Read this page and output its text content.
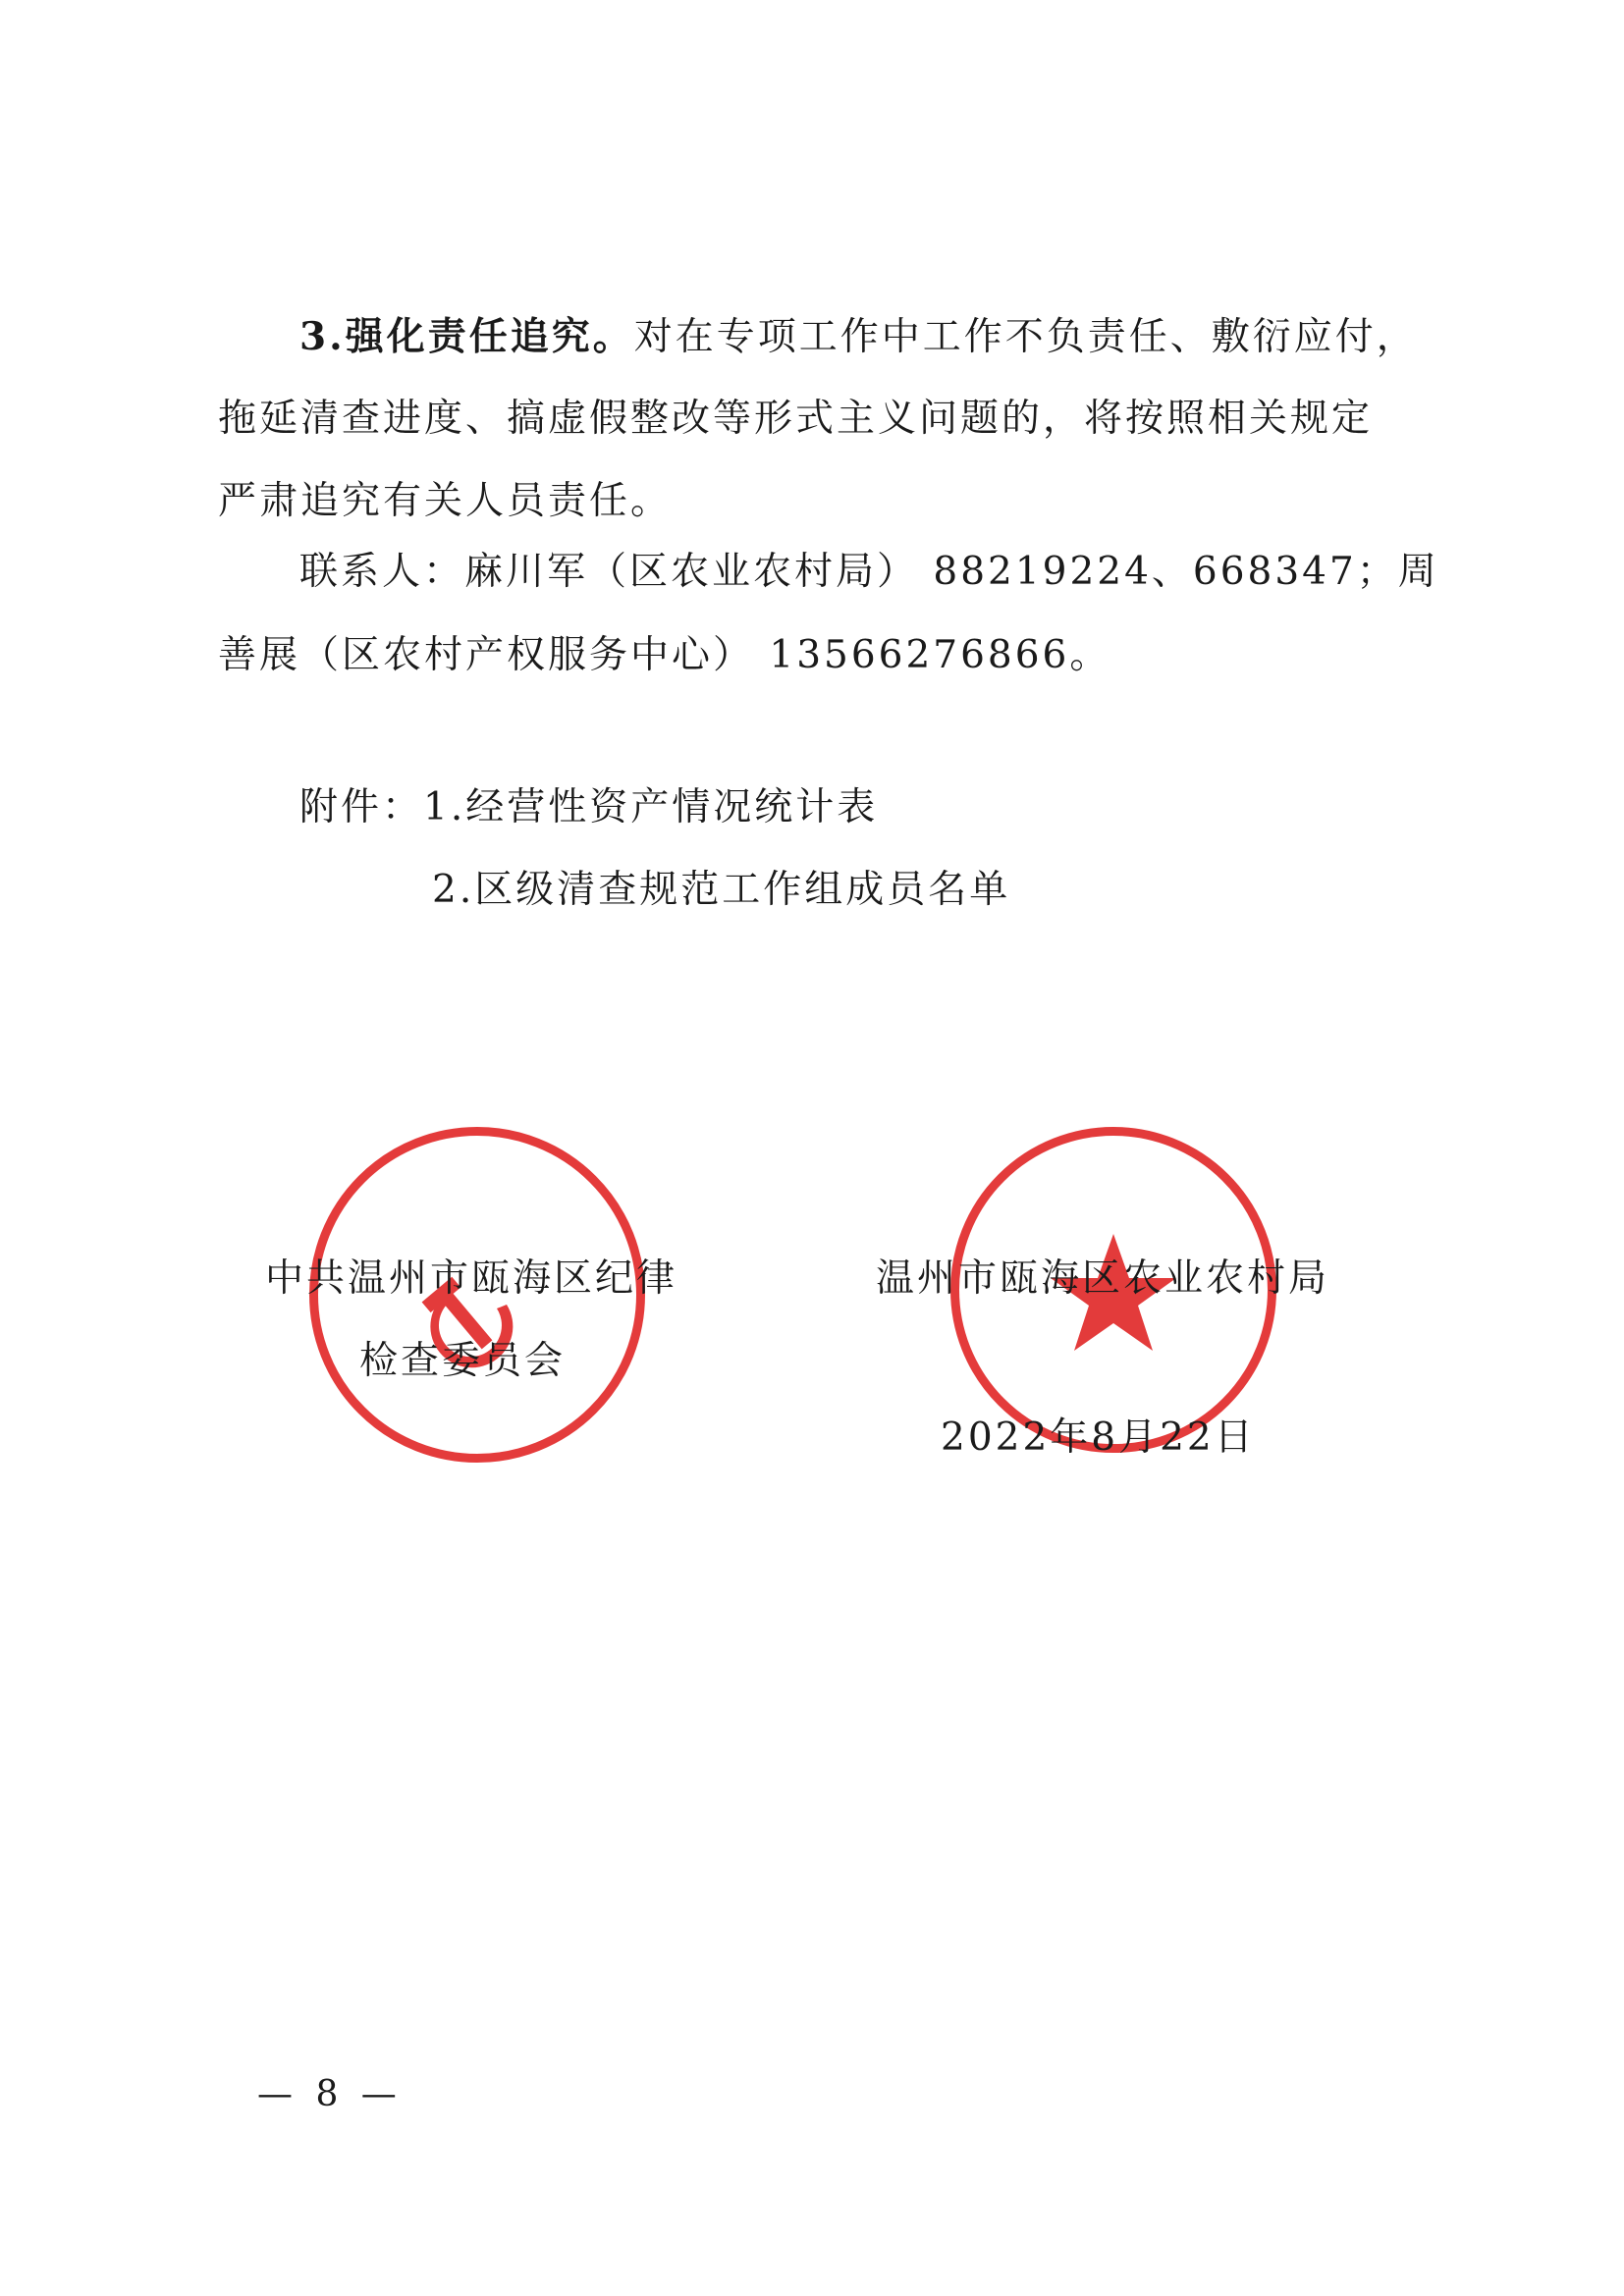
3.强化责任追究。对在专项工作中工作不负责任、敷衍应付，
拖延清查进度、搞虚假整改等形式主义问题的，将按照相关规定
严肃追究有关人员责任。
联系人：麻川军（区农业农村局） 88219224、668347；周
善展（区农村产权服务中心） 13566276866。
附件：1.经营性资产情况统计表
2.区级清查规范工作组成员名单
中共温州市瓯海区纪律
检查委员会
温州市瓯海区农业农村局
2022年8月22日
— 8 —
